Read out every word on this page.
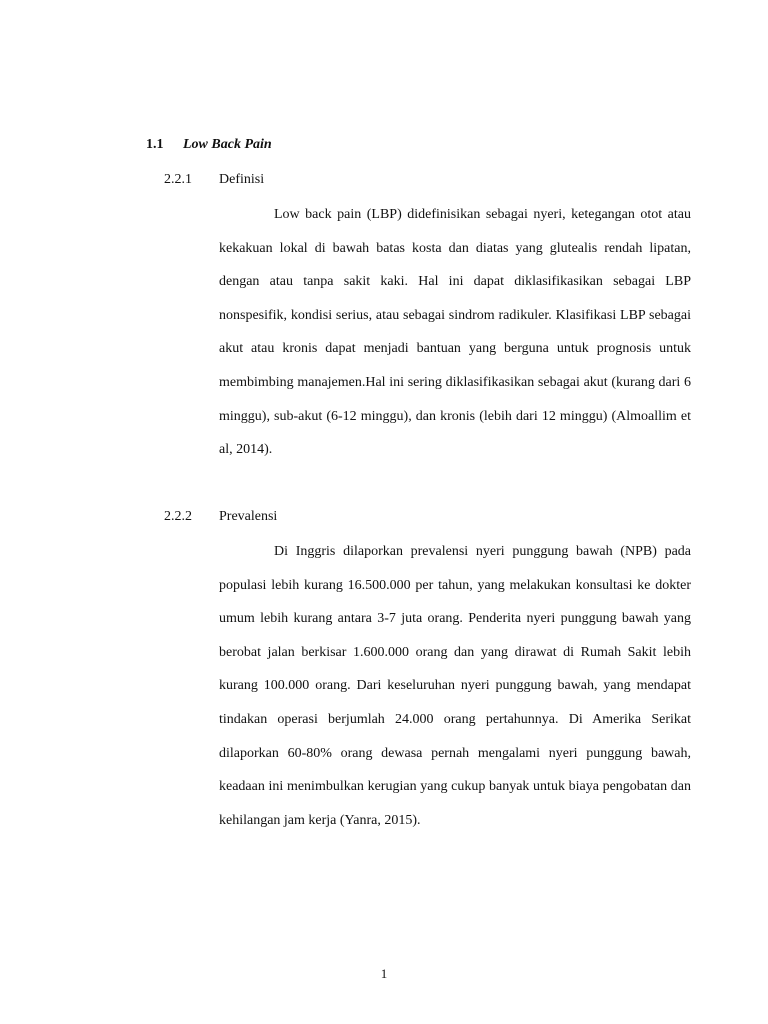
1.1 Low Back Pain
2.2.1 Definisi

Low back pain (LBP) didefinisikan sebagai nyeri, ketegangan otot atau kekakuan lokal di bawah batas kosta dan diatas yang glutealis rendah lipatan, dengan atau tanpa sakit kaki. Hal ini dapat diklasifikasikan sebagai LBP nonspesifik, kondisi serius, atau sebagai sindrom radikuler. Klasifikasi LBP sebagai akut atau kronis dapat menjadi bantuan yang berguna untuk prognosis untuk membimbing manajemen.Hal ini sering diklasifikasikan sebagai akut (kurang dari 6 minggu), sub-akut (6-12 minggu), dan kronis (lebih dari 12 minggu) (Almoallim et al, 2014).

2.2.2 Prevalensi

Di Inggris dilaporkan prevalensi nyeri punggung bawah (NPB) pada populasi lebih kurang 16.500.000 per tahun, yang melakukan konsultasi ke dokter umum lebih kurang antara 3-7 juta orang. Penderita nyeri punggung bawah yang berobat jalan berkisar 1.600.000 orang dan yang dirawat di Rumah Sakit lebih kurang 100.000 orang. Dari keseluruhan nyeri punggung bawah, yang mendapat tindakan operasi berjumlah 24.000 orang pertahunnya. Di Amerika Serikat dilaporkan 60-80% orang dewasa pernah mengalami nyeri punggung bawah, keadaan ini menimbulkan kerugian yang cukup banyak untuk biaya pengobatan dan kehilangan jam kerja (Yanra, 2015).

1
